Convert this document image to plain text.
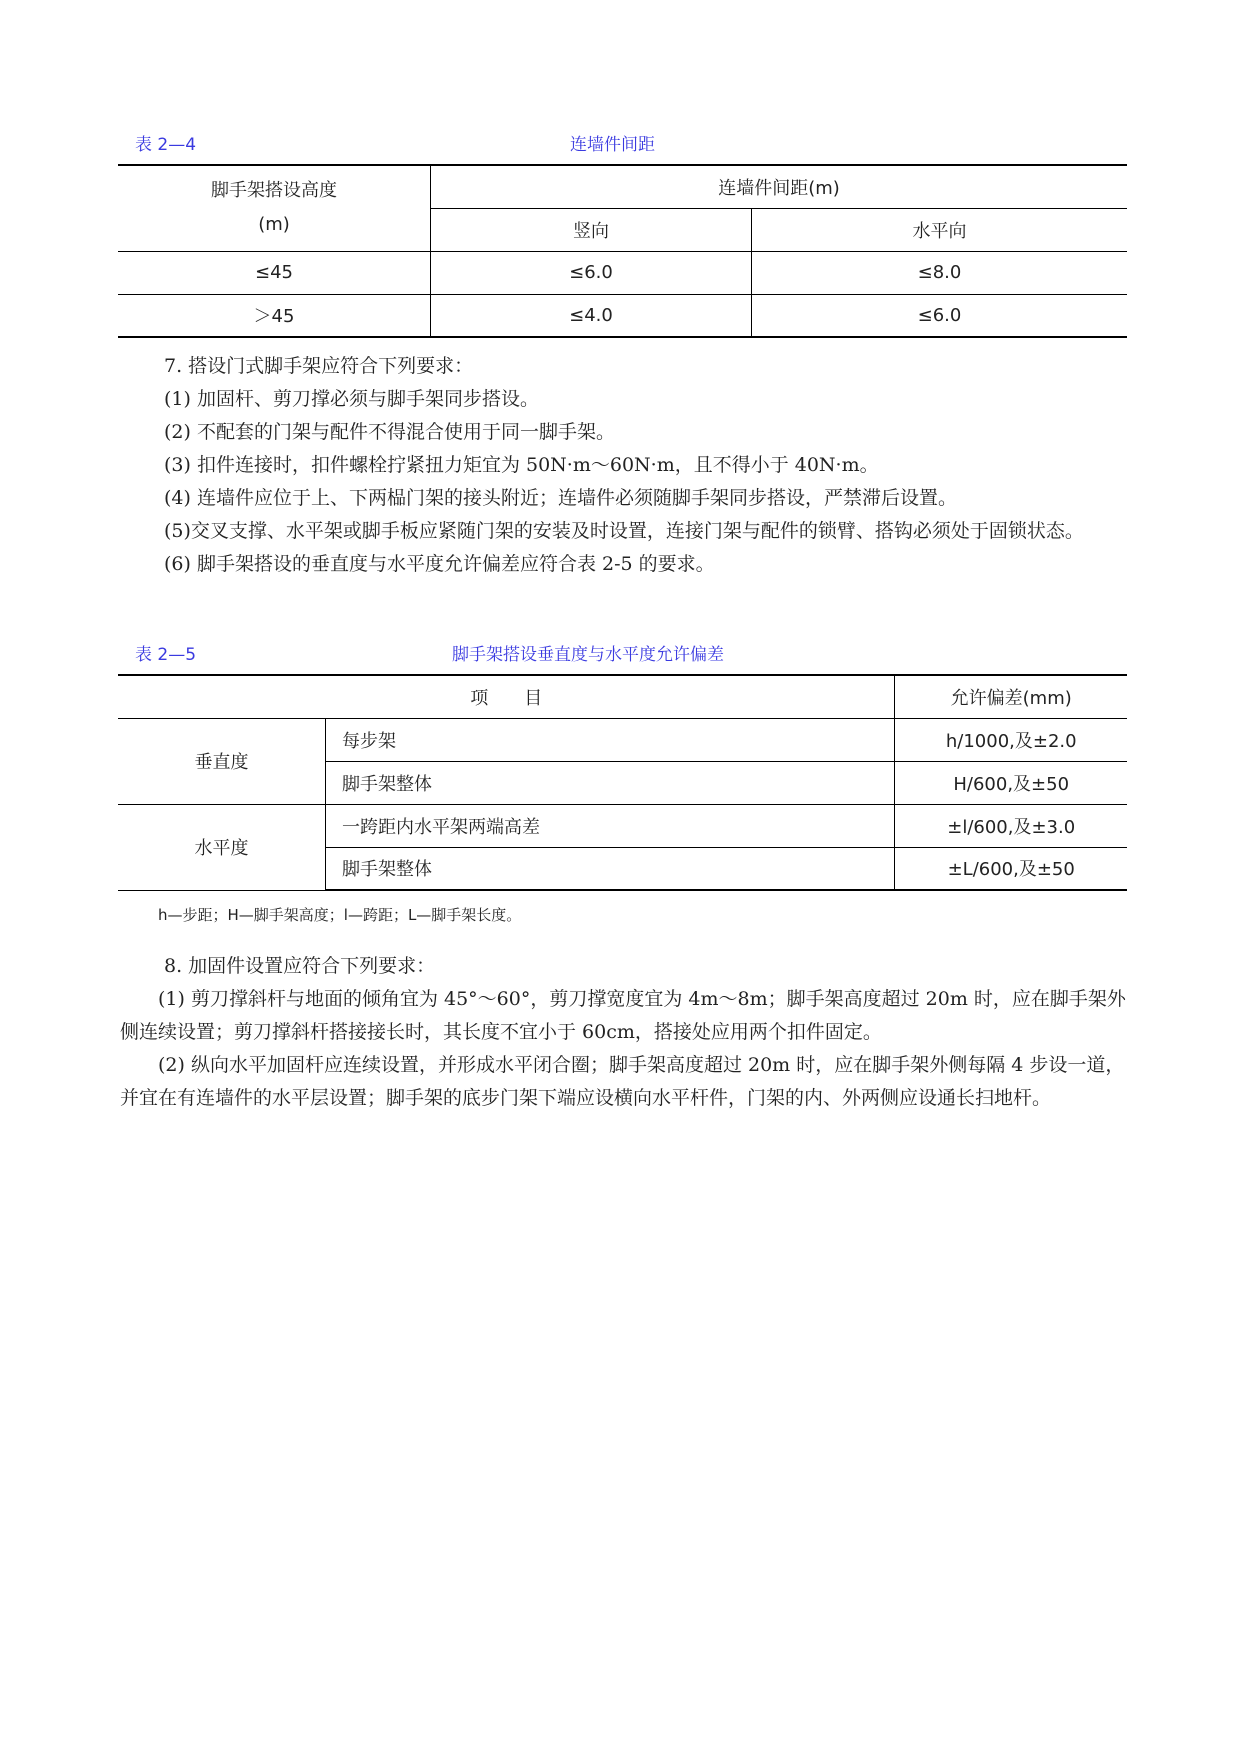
表 2—4	连墙件间距
脚手架搭设高度
(m)	连墙件间距(m)	
	竖向	水平向
≤45	≤6.0	≤8.0
＞45	≤4.0	≤6.0

7. 搭设门式脚手架应符合下列要求：

(1) 加固杆、剪刀撑必须与脚手架同步搭设。

(2) 不配套的门架与配件不得混合使用于同一脚手架。

(3) 扣件连接时，扣件螺栓拧紧扭力矩宜为 50N·m～60N·m，且不得小于 40N·m。

(4) 连墙件应位于上、下两榀门架的接头附近；连墙件必须随脚手架同步搭设，严禁滞后设置。

(5)交叉支撑、水平架或脚手板应紧随门架的安装及时设置，连接门架与配件的锁臂、搭钩必须处于固锁状态。

(6) 脚手架搭设的垂直度与水平度允许偏差应符合表 2-5 的要求。

表 2—5	脚手架搭设垂直度与水平度允许偏差
项　　目		允许偏差(mm)
垂直度	每步架	h/1000,及±2.0
	脚手架整体	H/600,及±50
水平度	一跨距内水平架两端高差	±l/600,及±3.0
	脚手架整体	±L/600,及±50
h—步距；H—脚手架高度；l—跨距；L—脚手架长度。

8. 加固件设置应符合下列要求：

(1) 剪刀撑斜杆与地面的倾角宜为 45°～60°，剪刀撑宽度宜为 4m～8m；脚手架高度超过 20m 时，应在脚手架外侧连续设置；剪刀撑斜杆搭接接长时，其长度不宜小于 60cm，搭接处应用两个扣件固定。

(2) 纵向水平加固杆应连续设置，并形成水平闭合圈；脚手架高度超过 20m 时，应在脚手架外侧每隔 4 步设一道，并宜在有连墙件的水平层设置；脚手架的底步门架下端应设横向水平杆件，门架的内、外两侧应设通长扫地杆。
